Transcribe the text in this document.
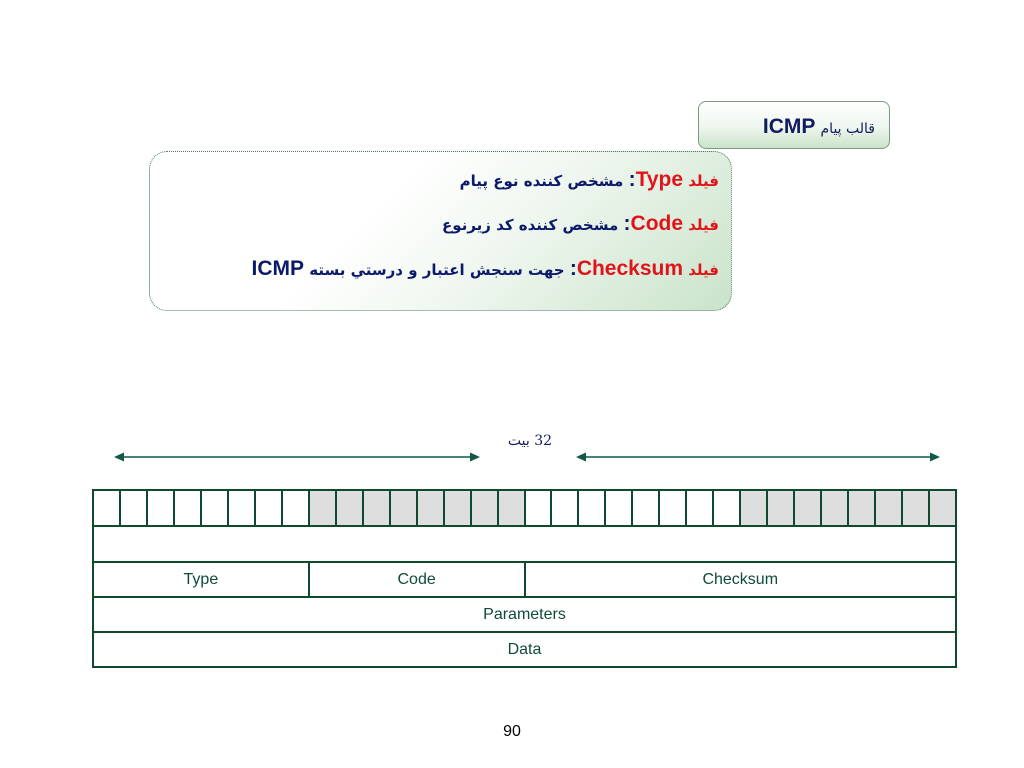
قالب پيام ICMP
فيلد Type: مشخص كننده نوع پيام
فيلد Code: مشخص كننده كد زيرنوع
فيلد Checksum: جهت سنجش اعتبار و درستي بسته ICMP
32 بيت

Type								Code								Checksum															
Parameters																															
Data																															
90
